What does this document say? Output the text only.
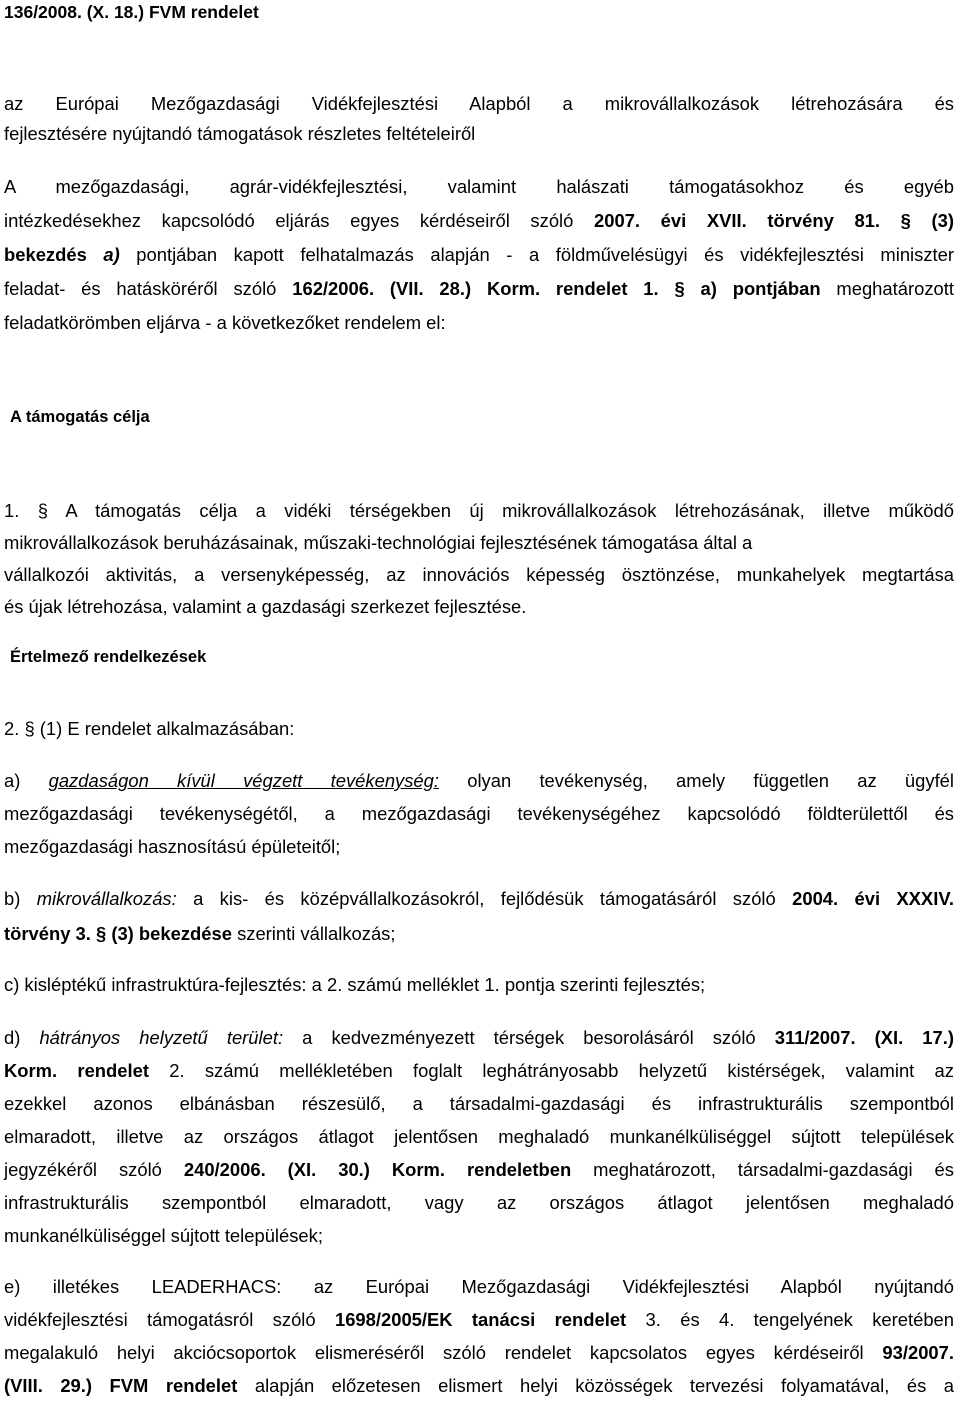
136/2008. (X. 18.) FVM rendelet
az Európai Mezőgazdasági Vidékfejlesztési Alapból a mikrovállalkozások létrehozására és
fejlesztésére nyújtandó támogatások részletes feltételeiről
A mezőgazdasági, agrár-vidékfejlesztési, valamint halászati támogatásokhoz és egyéb
intézkedésekhez kapcsolódó eljárás egyes kérdéseiről szóló 2007. évi XVII. törvény 81. § (3)
bekezdés a) pontjában kapott felhatalmazás alapján - a földművelésügyi és vidékfejlesztési miniszter
feladat- és hatásköréről szóló 162/2006. (VII. 28.) Korm. rendelet 1. § a) pontjában meghatározott
feladatkörömben eljárva - a következőket rendelem el:
A támogatás célja
1. § A támogatás célja a vidéki térségekben új mikrovállalkozások létrehozásának, illetve működő
mikrovállalkozások beruházásainak, műszaki-technológiai fejlesztésének támogatása által a
vállalkozói aktivitás, a versenyképesség, az innovációs képesség ösztönzése, munkahelyek megtartása
és újak létrehozása, valamint a gazdasági szerkezet fejlesztése.
Értelmező rendelkezések
2. § (1) E rendelet alkalmazásában:
a) gazdaságon kívül végzett tevékenység: olyan tevékenység, amely független az ügyfél
mezőgazdasági tevékenységétől, a mezőgazdasági tevékenységéhez kapcsolódó földterülettől és
mezőgazdasági hasznosítású épületeitől;
b) mikrovállalkozás: a kis- és középvállalkozásokról, fejlődésük támogatásáról szóló 2004. évi XXXIV.
törvény 3. § (3) bekezdése szerinti vállalkozás;
c) kisléptékű infrastruktúra-fejlesztés: a 2. számú melléklet 1. pontja szerinti fejlesztés;
d) hátrányos helyzetű terület: a kedvezményezett térségek besorolásáról szóló 311/2007. (XI. 17.)
Korm. rendelet 2. számú mellékletében foglalt leghátrányosabb helyzetű kistérségek, valamint az
ezekkel azonos elbánásban részesülő, a társadalmi-gazdasági és infrastrukturális szempontból
elmaradott, illetve az országos átlagot jelentősen meghaladó munkanélküliséggel sújtott települések
jegyzékéről szóló 240/2006. (XI. 30.) Korm. rendeletben meghatározott, társadalmi-gazdasági és
infrastrukturális szempontból elmaradott, vagy az országos átlagot jelentősen meghaladó
munkanélküliséggel sújtott települések;
e) illetékes LEADERHACS: az Európai Mezőgazdasági Vidékfejlesztési Alapból nyújtandó
vidékfejlesztési támogatásról szóló 1698/2005/EK tanácsi rendelet 3. és 4. tengelyének keretében
megalakuló helyi akciócsoportok elismeréséről szóló rendelet kapcsolatos egyes kérdéseiről 93/2007.
(VIII. 29.) FVM rendelet alapján előzetesen elismert helyi közösségek tervezési folyamatával, és a
